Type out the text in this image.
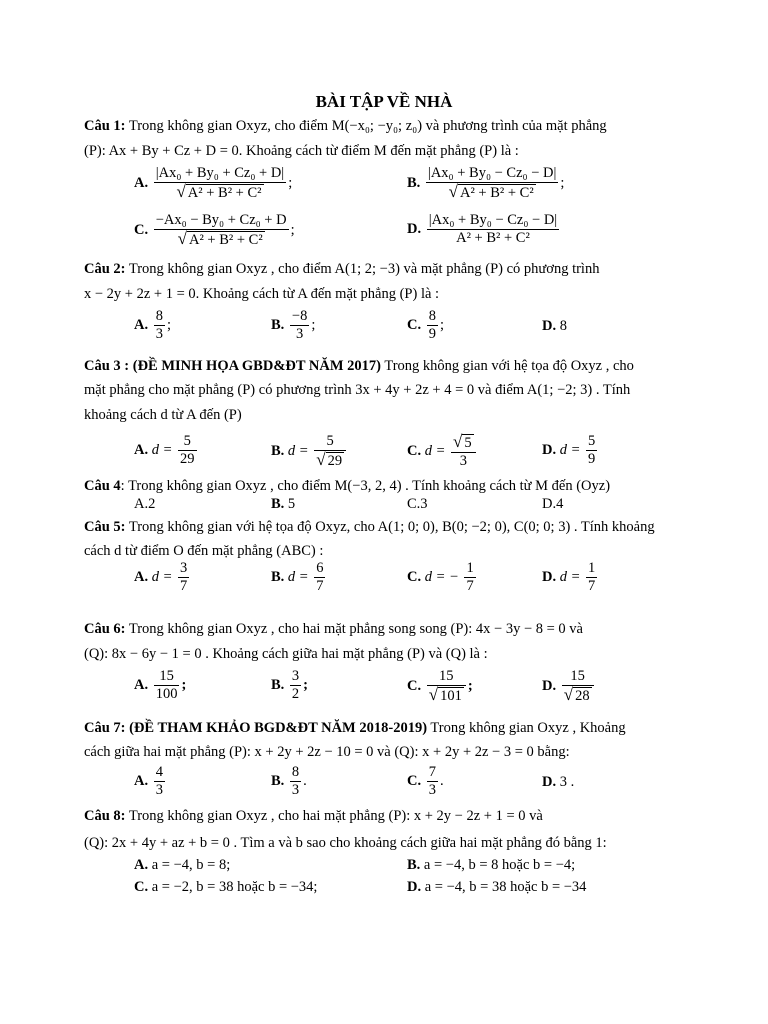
BÀI TẬP VỀ NHÀ
Câu 1: Trong không gian Oxyz, cho điểm M(−x₀; −y₀; z₀) và phương trình của mặt phẳng
(P): Ax + By + Cz + D = 0. Khoảng cách từ điểm M đến mặt phẳng (P) là :
A. $\frac{\text{|Ax₀ + By₀ + Cz₀ + D|}}{\text{√ A² + B² + C²}}$ ;	B. $\frac{\text{|Ax₀ + By₀ − Cz₀ − D|}}{\text{√ A² + B² + C²}}$ ;
C. $\frac{\text{−Ax₀ − By₀ + Cz₀ + D}}{\text{√ A² + B² + C²}}$ ;	D. $\frac{\text{|Ax₀ + By₀ − Cz₀ − D|}}{\text{A² + B² + C²}}$
Câu 2: Trong không gian Oxyz , cho điểm A(1; 2; −3) và mặt phẳng (P) có phương trình
x − 2y + 2z + 1 = 0. Khoảng cách từ A đến mặt phẳng (P) là :
A. $\frac{8}{3}$ ;	B. $\frac{-8}{3}$ ;	C. $\frac{8}{9}$ ;	D. 8
Câu 3 : (ĐỀ MINH HỌA GBD&ĐT NĂM 2017) Trong không gian với hệ tọa độ Oxyz , cho
mặt phẳng cho mặt phẳng (P) có phương trình 3x + 4y + 2z + 4 = 0 và điểm A(1; −2; 3) . Tính
khoảng cách d từ A đến (P)
A. $d = \frac{5}{29}$	B. $d = \frac{5}{√ 29}$	C. $d = \frac{√ 5}{3}$	D. $d = \frac{5}{9}$
Câu 4: Trong không gian Oxyz , cho điểm M(−3, 2, 4) . Tính khoảng cách từ M đến (Oyz)
A.2	B. 5	C.3	D.4
Câu 5: Trong không gian với hệ tọa độ Oxyz, cho A(1; 0; 0), B(0; −2; 0), C(0; 0; 3) . Tính khoảng
cách d từ điểm O đến mặt phẳng (ABC) :
A. $d = \frac{3}{7}$	B. $d = \frac{6}{7}$	C. d = − $\frac{1}{7}$	D. $d = \frac{1}{7}$
Câu 6: Trong không gian Oxyz , cho hai mặt phẳng song song (P): 4x − 3y − 8 = 0 và
(Q): 8x − 6y − 1 = 0 . Khoảng cách giữa hai mặt phẳng (P) và (Q) là :
A. $\frac{15}{100}$ ;	B. $\frac{3}{2}$ ;	C. $\frac{15}{√ 101}$ ;	D. $\frac{15}{√ 28}$
Câu 7: (ĐỀ THAM KHẢO BGD&ĐT NĂM 2018-2019) Trong không gian Oxyz , Khoảng
cách giữa hai mặt phẳng (P): x + 2y + 2z − 10 = 0 và (Q): x + 2y + 2z − 3 = 0 bằng:
A. $\frac{4}{3}$	B. $\frac{8}{3}$ .	C. $\frac{7}{3}$ .	D. 3 .
Câu 8: Trong không gian Oxyz , cho hai mặt phẳng (P): x + 2y − 2z + 1 = 0 và
(Q): 2x + 4y + az + b = 0 . Tìm a và b sao cho khoảng cách giữa hai mặt phẳng đó bằng 1:
A. a = −4, b = 8;	B. a = −4, b = 8 hoặc b = −4;
C. a = −2, b = 38 hoặc b = −34;	D. a = −4, b = 38 hoặc b = −34
